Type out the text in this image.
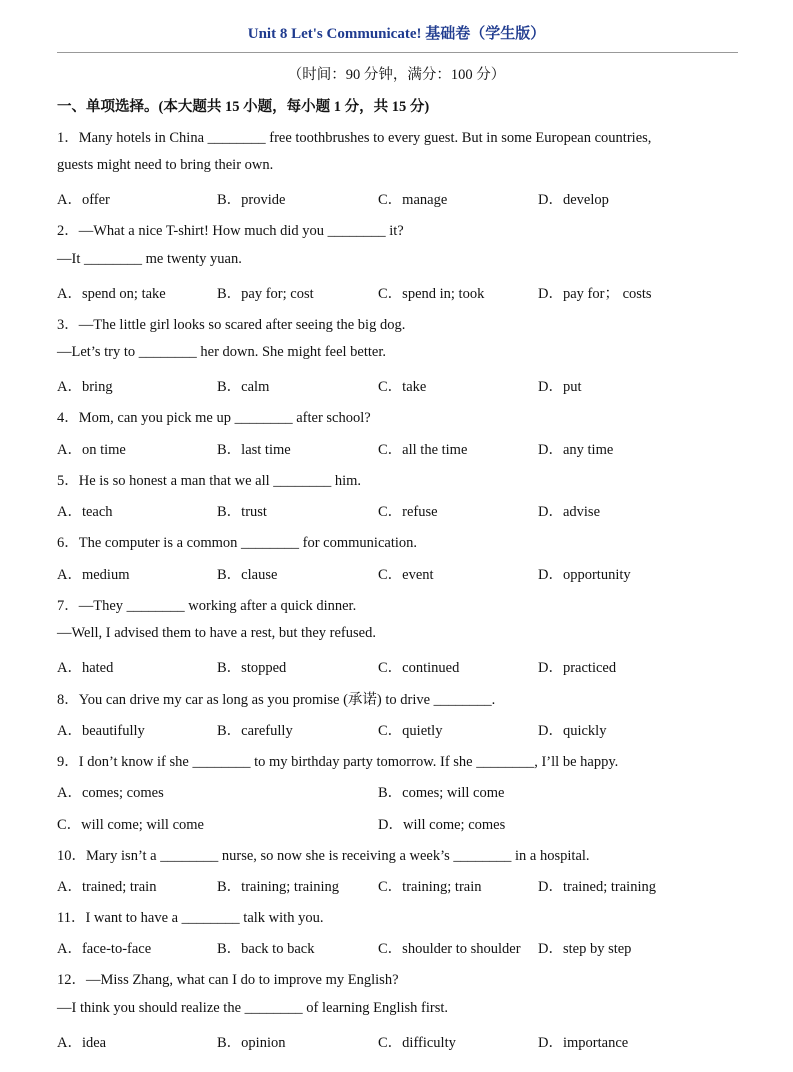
Unit 8 Let's Communicate! 基础卷（学生版）
（时间：90 分钟，满分：100 分）
一、单项选择。(本大题共 15 小题，每小题 1 分，共 15 分)
1．Many hotels in China ________ free toothbrushes to every guest. But in some European countries,
guests might need to bring their own.
A．offer	B．provide	C．manage	D．develop
2．—What a nice T-shirt! How much did you ________ it?
—It ________ me twenty yuan.
A．spend on; take	B．pay for; cost	C．spend in; took	D．pay for； costs
3．—The little girl looks so scared after seeing the big dog.
—Let’s try to ________ her down. She might feel better.
A．bring	B．calm	C．take	D．put
4．Mom, can you pick me up ________ after school?
A．on time	B．last time	C．all the time	D．any time
5．He is so honest a man that we all ________ him.
A．teach	B．trust	C．refuse	D．advise
6．The computer is a common ________ for communication.
A．medium	B．clause	C．event	D．opportunity
7．—They ________ working after a quick dinner.
—Well, I advised them to have a rest, but they refused.
A．hated	B．stopped	C．continued	D．practiced
8．You can drive my car as long as you promise (承诺) to drive ________.
A．beautifully	B．carefully	C．quietly	D．quickly
9．I don’t know if she ________ to my birthday party tomorrow. If she ________, I’ll be happy.
A．comes; comes	B．comes; will come
C．will come; will come	D．will come; comes
10．Mary isn’t a ________ nurse, so now she is receiving a week’s ________ in a hospital.
A．trained; train	B．training; training	C．training; train	D．trained; training
11．I want to have a ________ talk with you.
A．face-to-face	B．back to back	C．shoulder to shoulder D．step by step
12．—Miss Zhang, what can I do to improve my English?
—I think you should realize the ________ of learning English first.
A．idea	B．opinion	C．difficulty	D．importance
